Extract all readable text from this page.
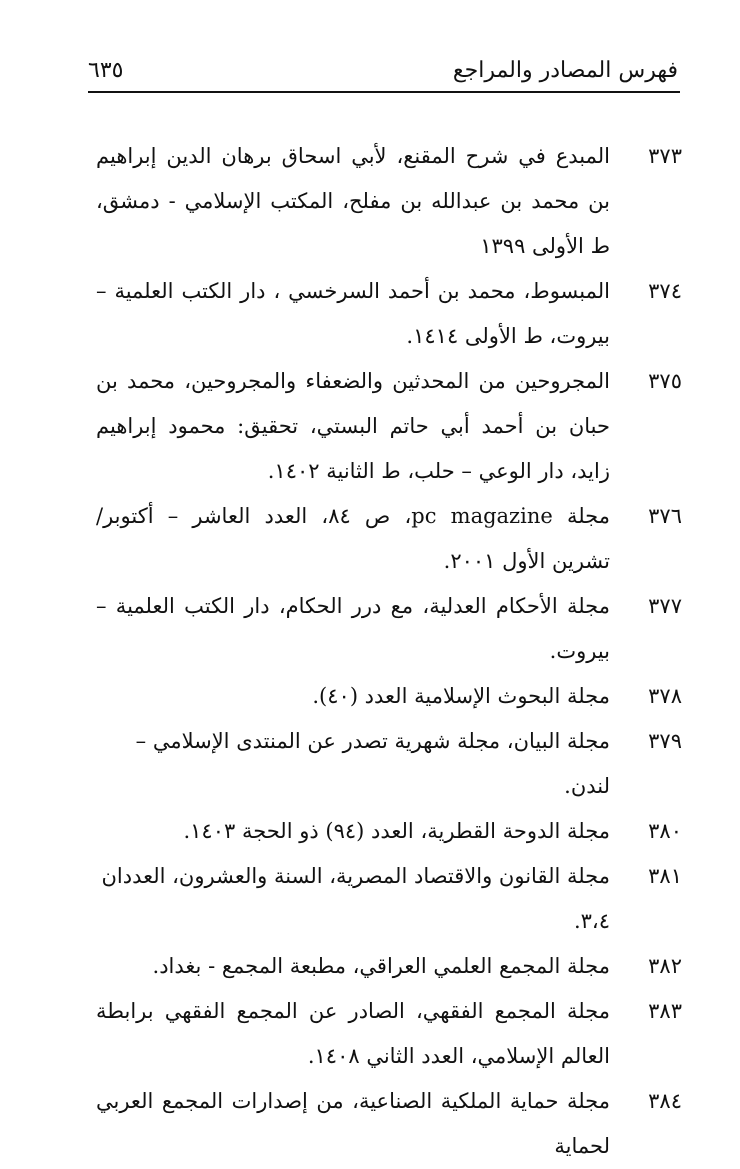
فهرس المصادر والمراجع
٦٣٥
٣٧٣
المبدع في شرح المقنع، لأبي اسحاق برهان الدين إبراهيم بن محمد بن عبدالله بن مفلح، المكتب الإسلامي - دمشق، ط الأولى ١٣٩٩
٣٧٤
المبسوط، محمد بن أحمد السرخسي ، دار الكتب العلمية – بيروت، ط الأولى ١٤١٤.
٣٧٥
المجروحين من المحدثين والضعفاء والمجروحين، محمد بن حبان بن أحمد أبي حاتم البستي، تحقيق: محمود إبراهيم زايد، دار الوعي – حلب، ط الثانية ١٤٠٢.
٣٧٦
مجلة pc magazine، ص ٨٤، العدد العاشر – أكتوبر/ تشرين الأول ٢٠٠١.
٣٧٧
مجلة الأحكام العدلية، مع درر الحكام، دار الكتب العلمية – بيروت.
٣٧٨
مجلة البحوث الإسلامية العدد (٤٠).
٣٧٩
مجلة البيان، مجلة شهرية تصدر عن المنتدى الإسلامي – لندن.
٣٨٠
مجلة الدوحة القطرية، العدد (٩٤) ذو الحجة ١٤٠٣.
٣٨١
مجلة القانون والاقتصاد المصرية، السنة والعشرون، العددان ٣،٤.
٣٨٢
مجلة المجمع العلمي العراقي، مطبعة المجمع - بغداد.
٣٨٣
مجلة المجمع الفقهي، الصادر عن المجمع الفقهي برابطة العالم الإسلامي، العدد الثاني ١٤٠٨.
٣٨٤
مجلة حماية الملكية الصناعية، من إصدارات المجمع العربي لحماية
